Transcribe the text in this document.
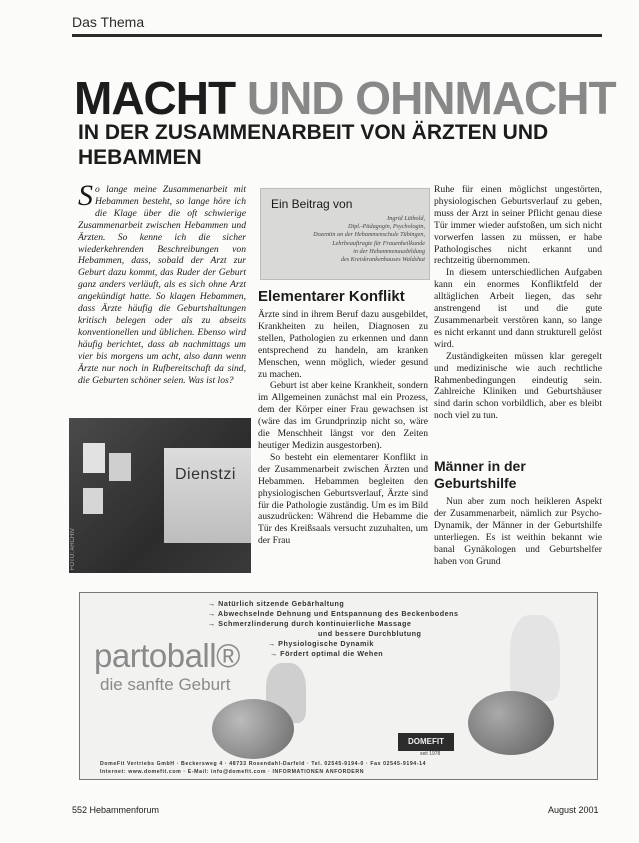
Das Thema
MACHT UND OHNMACHT
IN DER ZUSAMMENARBEIT VON ÄRZTEN UND HEBAMMEN
So lange meine Zusammenarbeit mit Hebammen besteht, so lange höre ich die Klage über die oft schwierige Zusammenarbeit zwischen Hebammen und Ärzten. So kenne ich die sicher wiederkehrenden Beschreibungen von Hebammen, dass, sobald der Arzt zur Geburt dazu kommt, das Ruder der Geburt ganz anders verläuft, als es sich ohne Arzt angekündigt hatte. So klagen Hebammen, dass Ärzte häufig die Geburtshaltungen kritisch belegen oder als zu abseits konventionellen und üblichen. Ebenso wird häufig berichtet, dass ab nachmittags um vier bis morgens um acht, also dann wenn Ärzte nur noch in Rufbereitschaft da sind, die Geburten schöner seien. Was ist los?
Dienstzi
FOTO: ARCHIV
Ein Beitrag von
Ingrid Lüthold,
Dipl.-Pädagogin, Psychologin,
Dozentin an der Hebammenschule Tübingen,
Lehrbeauftragte für Frauenheilkunde
in der Hebammenausbildung
des Kreiskrankenhauses Waldshut
Elementarer Konflikt

Ärzte sind in ihrem Beruf dazu ausgebildet, Krankheiten zu heilen, Diagnosen zu stellen, Pathologien zu erkennen und dann entsprechend zu handeln, am kranken Menschen, wenn möglich, wieder gesund zu machen.

Geburt ist aber keine Krankheit, sondern im Allgemeinen zunächst mal ein Prozess, dem der Körper einer Frau gewachsen ist (wäre das im Grundprinzip nicht so, wäre die Menschheit längst vor den Zeiten heutiger Medizin ausgestorben).

So besteht ein elementarer Konflikt in der Zusammenarbeit zwischen Ärzten und Hebammen. Hebammen begleiten den physiologischen Geburtsverlauf, Ärzte sind für die Pathologie zuständig. Um es im Bild auszudrücken: Während die Hebamme die Tür des Kreißsaals versucht zuzuhalten, um der Frau

Ruhe für einen möglichst ungestörten, physiologischen Geburtsverlauf zu geben, muss der Arzt in seiner Pflicht genau diese Tür immer wieder aufstoßen, um sich nicht vorwerfen lassen zu müssen, er habe Pathologisches nicht erkannt und rechtzeitig übernommen.

In diesem unterschiedlichen Aufgaben kann ein enormes Konfliktfeld der alltäglichen Arbeit liegen, das sehr anstrengend ist und die gute Zusammenarbeit verstören kann, so lange es nicht erkannt und dann strukturell gelöst wird.

Zuständigkeiten müssen klar geregelt und medizinische wie auch rechtliche Rahmenbedingungen eindeutig sein. Zahlreiche Kliniken und Geburtshäuser sind darin schon vorbildlich, aber es bleibt noch viel zu tun.

Männer in der Geburtshilfe

Nun aber zum noch heikleren Aspekt der Zusammenarbeit, nämlich zur Psycho-Dynamik, der Männer in der Geburtshilfe unterliegen. Es ist weithin bekannt wie banal Gynäkologen und Geburtshelfer haben von Grund

→ Natürlich sitzende Gebärhaltung
→ Abwechselnde Dehnung und Entspannung des Beckenbodens
→ Schmerzlinderung durch kontinuierliche Massage
und bessere Durchblutung
→ Physiologische Dynamik
→ Fördert optimal die Wehen
partoball®
die sanfte Geburt
DOMEFIT
seit 1978
DomeFit Vertriebs GmbH · Beckersweg 4 · 48733 Rosendahl-Darfeld · Tel. 02545-9194-0 · Fax 02545-9194-14
Internet: www.domefit.com · E-Mail: info@domefit.com · INFORMATIONEN ANFORDERN
552 Hebammenforum	August 2001
